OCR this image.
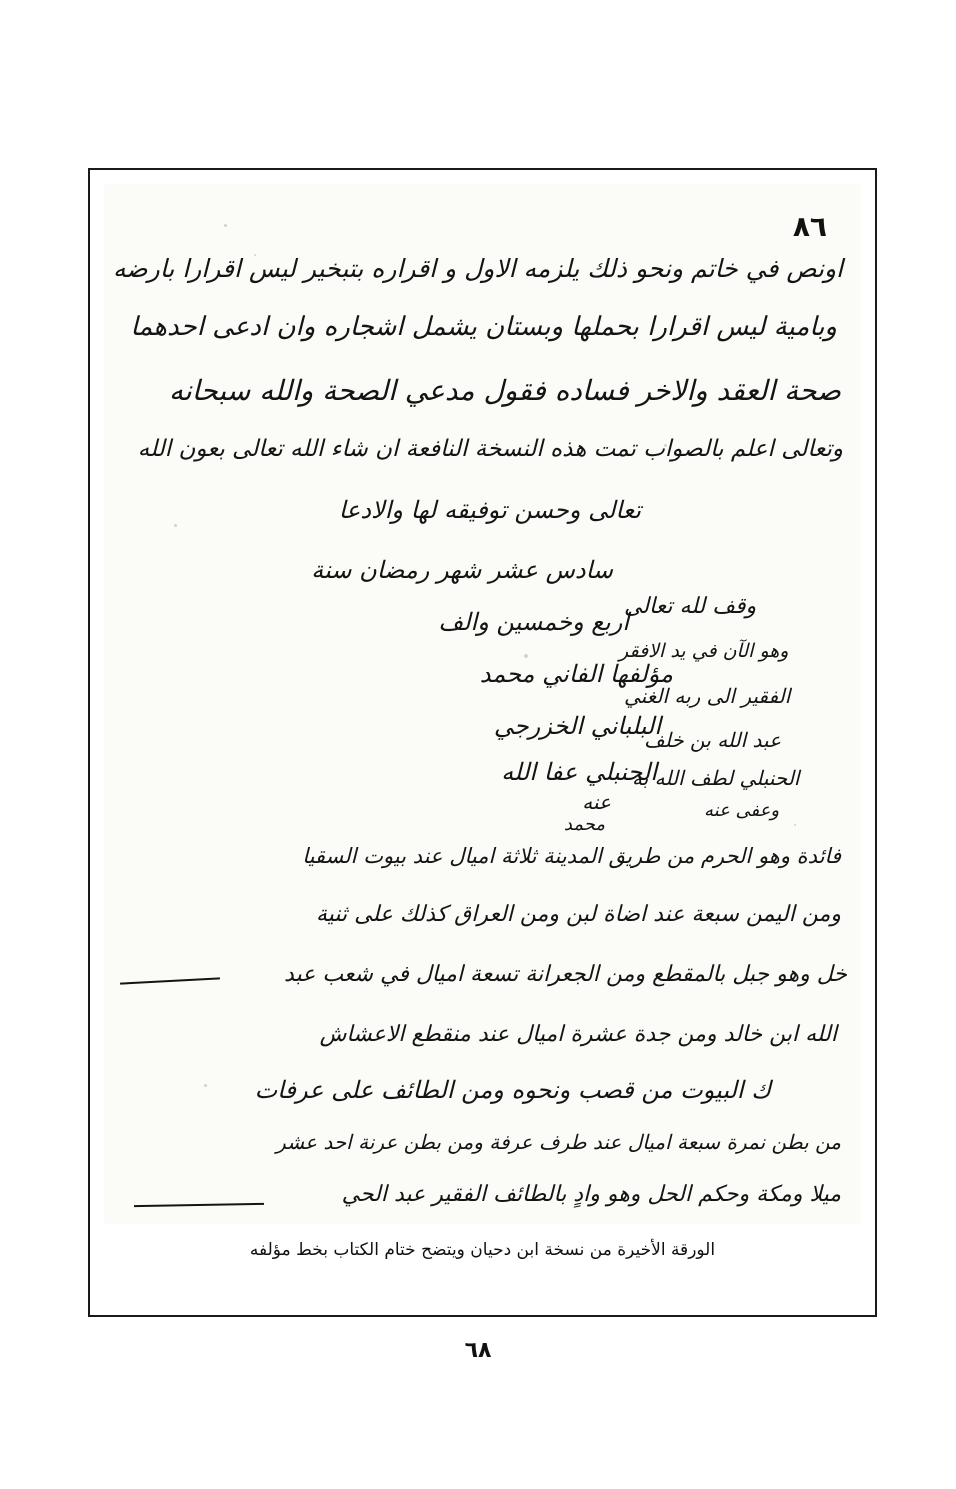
٨٦
اونص في خاتم ونحو ذلك يلزمه الاول و اقراره بتبخير ليس اقرارا بارضه
وبامية ليس اقرارا بحملها وبستان يشمل اشجاره وان ادعى احدهما
صحة العقد والاخر فساده فقول مدعي الصحة والله سبحانه
وتعالى اعلم بالصواب تمت هذه النسخة النافعة ان شاء الله تعالى بعون الله
تعالى وحسن توفيقه لها والادعا
سادس عشر شهر رمضان سنة
اربع وخمسين والف
مؤلفها الفاني محمد
البلباني الخزرجي
الحنبلي عفا الله
عنه
محمد
وقف لله تعالى
وهو الآن في يد الافقر
الفقير الى ربه الغني
عبد الله بن خلف
الحنبلي لطف الله به
وعفى عنه
فائدة وهو الحرم من طريق المدينة ثلاثة اميال عند بيوت السقيا
ومن اليمن سبعة عند اضاة لبن ومن العراق كذلك على ثنية
خل وهو جبل بالمقطع ومن الجعرانة تسعة اميال في شعب عبد
الله ابن خالد ومن جدة عشرة اميال عند منقطع الاعشاش
ك البيوت من قصب ونحوه ومن الطائف على عرفات
من بطن نمرة سبعة اميال عند طرف عرفة ومن بطن عرنة احد عشر
ميلا ومكة وحكم الحل وهو وادٍ بالطائف الفقير عبد الحي
الورقة الأخيرة من نسخة ابن دحيان ويتضح ختام الكتاب بخط مؤلفه
٦٨
